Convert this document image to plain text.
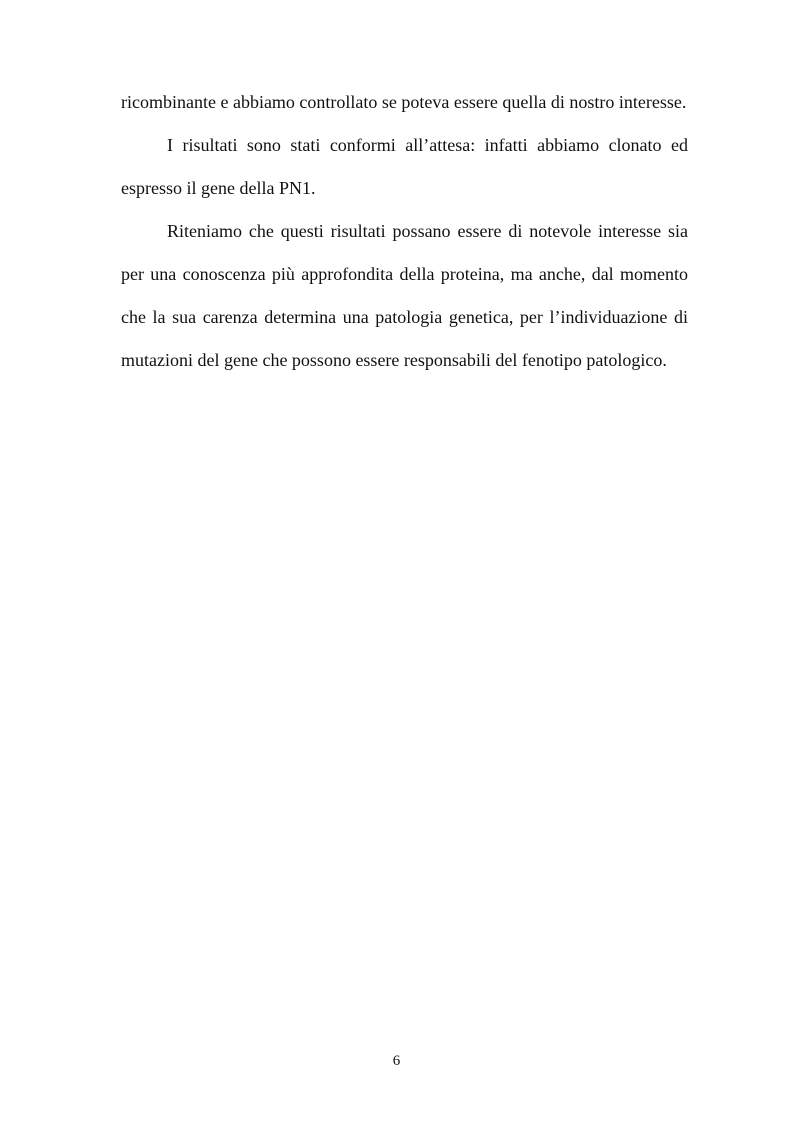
ricombinante e abbiamo controllato se poteva essere quella di nostro interesse.

I risultati sono stati conformi all’attesa: infatti abbiamo clonato ed espresso il gene della PN1.

Riteniamo che questi risultati possano essere di notevole interesse sia per una conoscenza più approfondita della proteina, ma anche, dal momento che la sua carenza determina una patologia genetica, per l’individuazione di mutazioni del gene che possono essere responsabili del fenotipo patologico.

6
